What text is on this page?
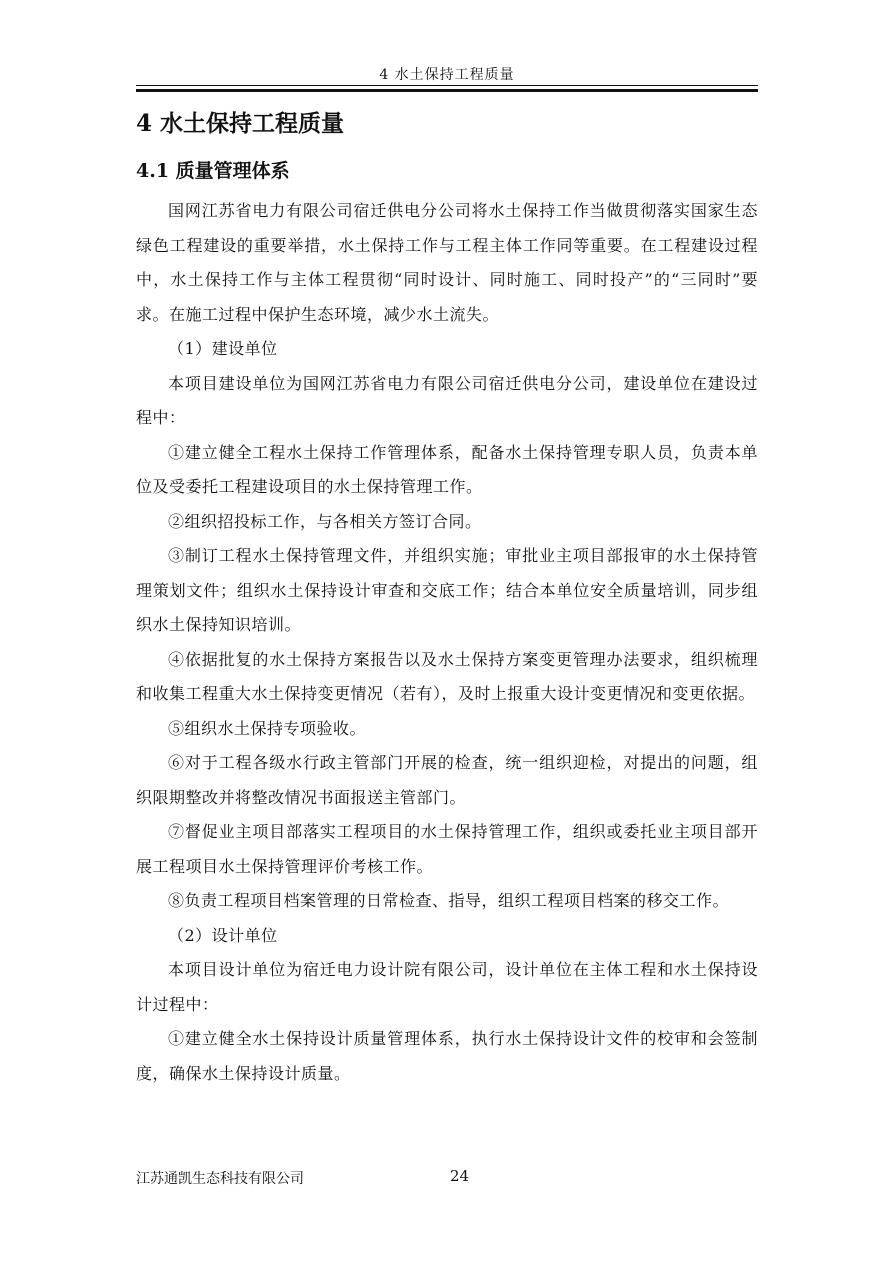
4 水土保持工程质量
4 水土保持工程质量
4.1 质量管理体系

国网江苏省电力有限公司宿迁供电分公司将水土保持工作当做贯彻落实国家生态绿色工程建设的重要举措，水土保持工作与工程主体工作同等重要。在工程建设过程中，水土保持工作与主体工程贯彻“同时设计、同时施工、同时投产”的“三同时”要求。在施工过程中保护生态环境，减少水土流失。

（1）建设单位

本项目建设单位为国网江苏省电力有限公司宿迁供电分公司，建设单位在建设过程中：

①建立健全工程水土保持工作管理体系，配备水土保持管理专职人员，负责本单位及受委托工程建设项目的水土保持管理工作。

②组织招投标工作，与各相关方签订合同。

③制订工程水土保持管理文件，并组织实施；审批业主项目部报审的水土保持管理策划文件；组织水土保持设计审查和交底工作；结合本单位安全质量培训，同步组织水土保持知识培训。

④依据批复的水土保持方案报告以及水土保持方案变更管理办法要求，组织梳理和收集工程重大水土保持变更情况（若有），及时上报重大设计变更情况和变更依据。

⑤组织水土保持专项验收。

⑥对于工程各级水行政主管部门开展的检查，统一组织迎检，对提出的问题，组织限期整改并将整改情况书面报送主管部门。

⑦督促业主项目部落实工程项目的水土保持管理工作，组织或委托业主项目部开展工程项目水土保持管理评价考核工作。

⑧负责工程项目档案管理的日常检查、指导，组织工程项目档案的移交工作。

（2）设计单位

本项目设计单位为宿迁电力设计院有限公司，设计单位在主体工程和水土保持设计过程中：

①建立健全水土保持设计质量管理体系，执行水土保持设计文件的校审和会签制度，确保水土保持设计质量。

江苏通凯生态科技有限公司	24
